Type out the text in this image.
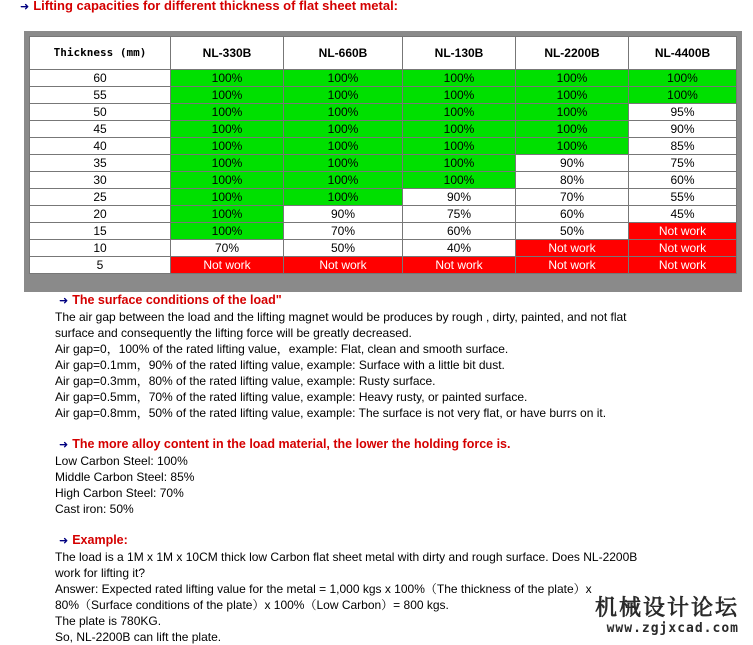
➜ Lifting capacities for different thickness of flat sheet metal:
Thickness (mm)	NL-330B	NL-660B	NL-130B	NL-2200B	NL-4400B
60	100%	100%	100%	100%	100%
55	100%	100%	100%	100%	100%
50	100%	100%	100%	100%	95%
45	100%	100%	100%	100%	90%
40	100%	100%	100%	100%	85%
35	100%	100%	100%	90%	75%
30	100%	100%	100%	80%	60%
25	100%	100%	90%	70%	55%
20	100%	90%	75%	60%	45%
15	100%	70%	60%	50%	Not work
10	70%	50%	40%	Not work	Not work
5	Not work	Not work	Not work	Not work	Not work
➜ The surface conditions of the load"
The air gap between the load and the lifting magnet would be produces by rough , dirty, painted, and not flat
surface and consequently the lifting force will be greatly decreased.
Air gap=0，100% of the rated lifting value，example: Flat, clean and smooth surface.
Air gap=0.1mm，90% of the rated lifting value, example: Surface with a little bit dust.
Air gap=0.3mm，80% of the rated lifting value, example: Rusty surface.
Air gap=0.5mm，70% of the rated lifting value, example: Heavy rusty, or painted surface.
Air gap=0.8mm，50% of the rated lifting value, example: The surface is not very flat, or have burrs on it.
➜ The more alloy content in the load material, the lower the holding force is.
Low Carbon Steel: 100%
Middle Carbon Steel: 85%
High Carbon Steel: 70%
Cast iron: 50%
➜ Example:
The load is a 1M x 1M x 10CM thick low Carbon flat sheet metal with dirty and rough surface. Does NL-2200B
work for lifting it?
Answer: Expected rated lifting value for the metal = 1,000 kgs x 100%（The thickness of the plate）x
80%（Surface conditions of the plate）x 100%（Low Carbon）= 800 kgs.
The plate is 780KG.
So, NL-2200B can lift the plate.
机械设计论坛
www.zgjxcad.com
